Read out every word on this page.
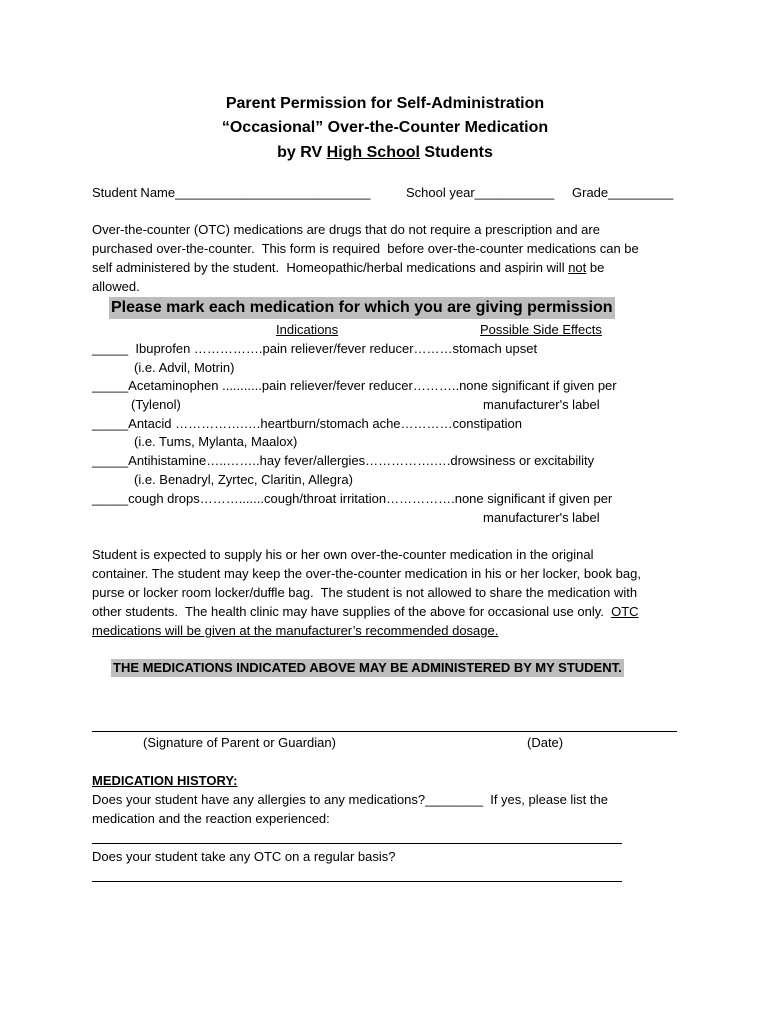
Parent Permission for Self-Administration
“Occasional” Over-the-Counter Medication
by RV High School Students
Student Name___________________________	School year___________ Grade_________
Over-the-counter (OTC) medications are drugs that do not require a prescription and are
purchased over-the-counter.  This form is required  before over-the-counter medications can be
self administered by the student.  Homeopathic/herbal medications and aspirin will not be
allowed.
Please mark each medication for which you are giving permission
Indications	Possible Side Effects
_____  Ibuprofen …………….pain reliever/fever reducer………stomach upset
(i.e. Advil, Motrin)
_____Acetaminophen ...........pain reliever/fever reducer………..none significant if given per
(Tylenol)	manufacturer's label
_____Antacid …………….….heartburn/stomach ache…………constipation
(i.e. Tums, Mylanta, Maalox)
_____Antihistamine…..……..hay fever/allergies…………….….drowsiness or excitability
(i.e. Benadryl, Zyrtec, Claritin, Allegra)
_____cough drops……….......cough/throat irritation…………….none significant if given per
manufacturer's label
Student is expected to supply his or her own over-the-counter medication in the original
container. The student may keep the over-the-counter medication in his or her locker, book bag,
purse or locker room locker/duffle bag.  The student is not allowed to share the medication with
other students.  The health clinic may have supplies of the above for occasional use only.  OTC
medications will be given at the manufacturer’s recommended dosage.
THE MEDICATIONS INDICATED ABOVE MAY BE ADMINISTERED BY MY STUDENT.
(Signature of Parent or Guardian)	(Date)
MEDICATION HISTORY:
Does your student have any allergies to any medications?________  If yes, please list the
medication and the reaction experienced:
Does your student take any OTC on a regular basis?
